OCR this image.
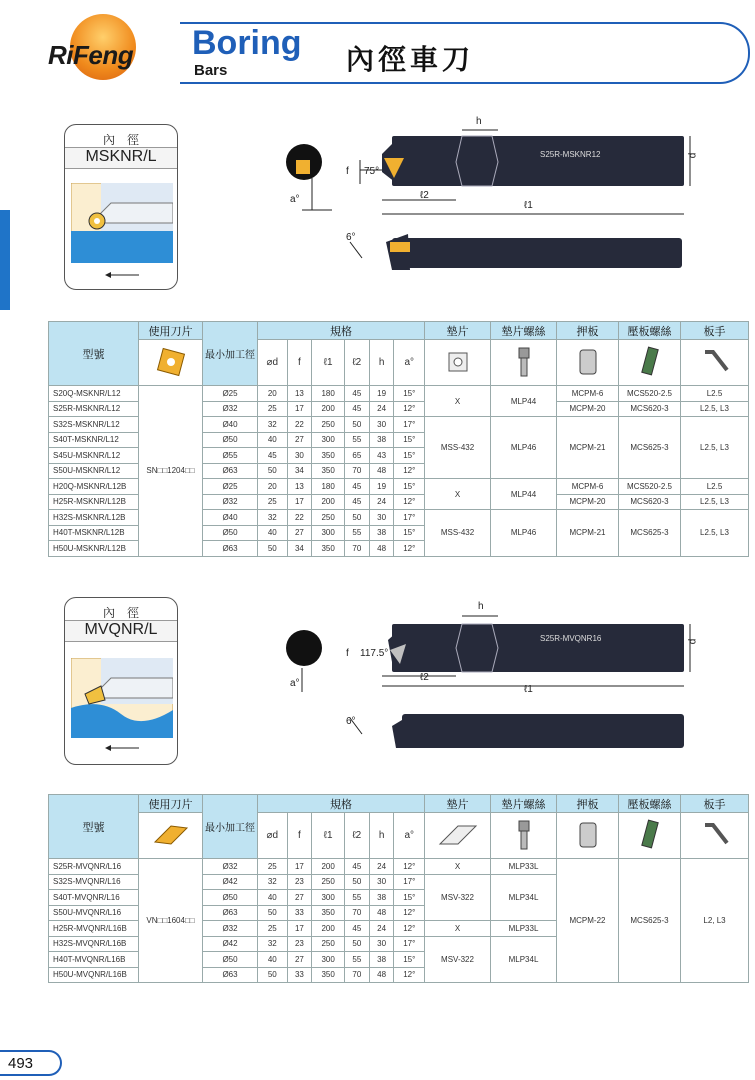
RiFeng Boring
Bars	內徑車刀
內　徑
MSKNR/L
h
d
f 75°
a°	ℓ2
ℓ1
6°
S25R-MSKNR12
型號	使用刀片	最小加工徑	規格						墊片	墊片螺絲	押板	壓板螺絲	板手
	⌀d	f	ℓ1	ℓ2	h	a°					

S20Q-MSKNR/L12	SN□□1204□□	Ø25	20	13	180	45	19	15°	X	MLP44	MCPM-6	MCS520-2.5	L2.5
S25R-MSKNR/L12		Ø32	25	17	200	45	24	12°			MCPM-20	MCS620-3	L2.5, L3
S32S-MSKNR/L12		Ø40	32	22	250	50	30	17°	MSS-432	MLP46	MCPM-21	MCS625-3	L2.5, L3
S40T-MSKNR/L12		Ø50	40	27	300	55	38	15°					
S45U-MSKNR/L12		Ø55	45	30	350	65	43	15°					
S50U-MSKNR/L12		Ø63	50	34	350	70	48	12°					
H20Q-MSKNR/L12B		Ø25	20	13	180	45	19	15°	X	MLP44	MCPM-6	MCS520-2.5	L2.5
H25R-MSKNR/L12B		Ø32	25	17	200	45	24	12°			MCPM-20	MCS620-3	L2.5, L3
H32S-MSKNR/L12B		Ø40	32	22	250	50	30	17°	MSS-432	MLP46	MCPM-21	MCS625-3	L2.5, L3
H40T-MSKNR/L12B		Ø50	40	27	300	55	38	15°					
H50U-MSKNR/L12B		Ø63	50	34	350	70	48	12°					
內　徑
MVQNR/L
h
d
f 117.5°
a°
ℓ2
ℓ1
6°
S25R-MVQNR16
型號	使用刀片	最小加工徑	規格						墊片	墊片螺絲	押板	壓板螺絲	板手
	⌀d	f	ℓ1	ℓ2	h	a°					

S25R-MVQNR/L16	VN□□1604□□	Ø32	25	17	200	45	24	12°	X	MLP33L	MCPM-22	MCS625-3	L2, L3
S32S-MVQNR/L16		Ø42	32	23	250	50	30	17°	MSV-322	MLP34L			
S40T-MVQNR/L16		Ø50	40	27	300	55	38	15°					
S50U-MVQNR/L16		Ø63	50	33	350	70	48	12°					
H25R-MVQNR/L16B		Ø32	25	17	200	45	24	12°	X	MLP33L			
H32S-MVQNR/L16B		Ø42	32	23	250	50	30	17°	MSV-322	MLP34L			
H40T-MVQNR/L16B		Ø50	40	27	300	55	38	15°					
H50U-MVQNR/L16B		Ø63	50	33	350	70	48	12°					
493
